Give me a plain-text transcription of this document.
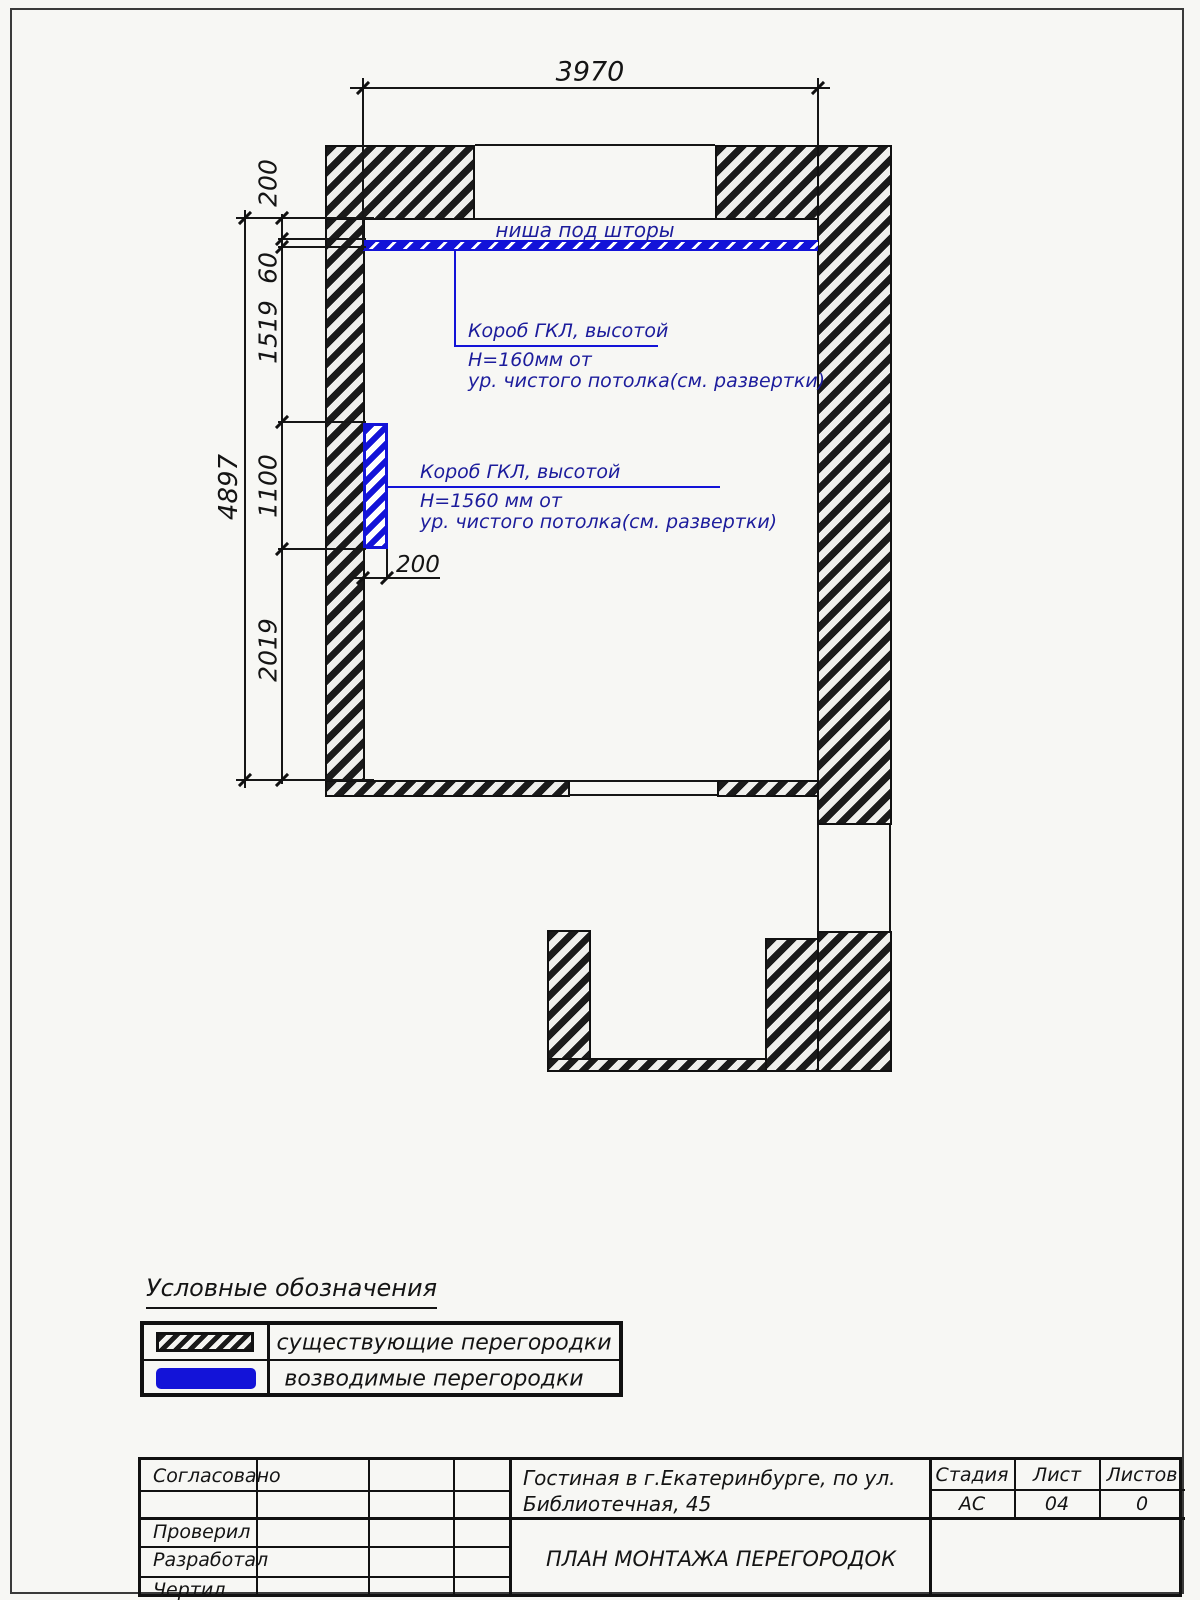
ниша под шторы
Короб ГКЛ, высотой
Н=160мм от
ур. чистого потолка(см. развертки)
Короб ГКЛ, высотой
Н=1560 мм от
ур. чистого потолка(см. развертки)
3970
200
60
1519
1100
2019
4897
200
Условные обозначения
существующие перегородки
возводимые перегородки
Согласовано
Проверил
Разработал
Чертил
Гостиная в г.Екатеринбурге, по ул.
Библиотечная, 45
ПЛАН МОНТАЖА ПЕРЕГОРОДОК
Стадия Лист Листов
АС	04	0
